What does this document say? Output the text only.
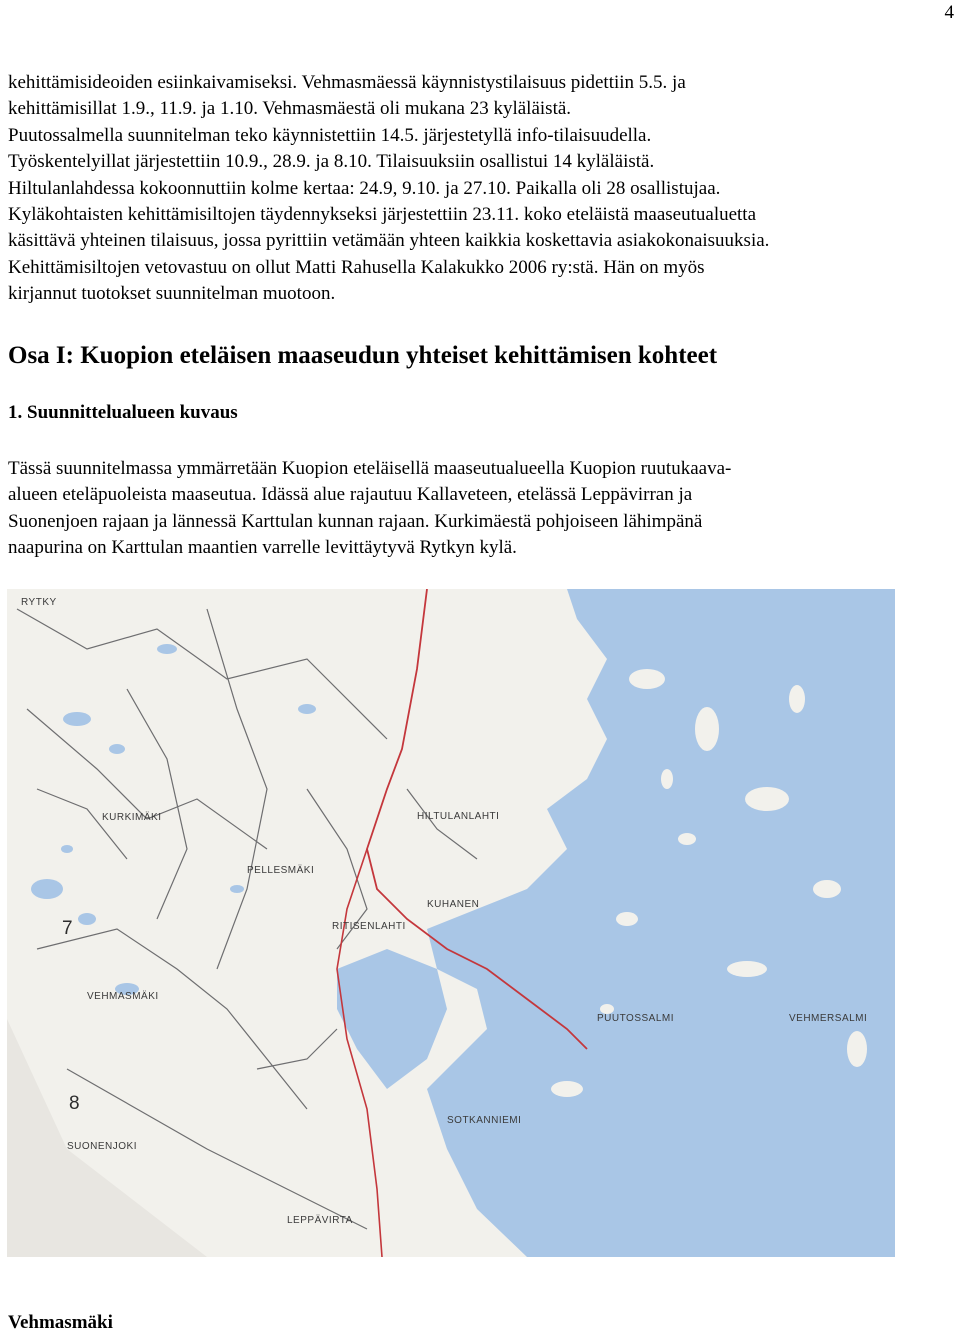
4
kehittämisideoiden esiinkaivamiseksi. Vehmasmäessä käynnistystilaisuus pidettiin 5.5. ja
kehittämisillat 1.9., 11.9. ja 1.10. Vehmasmäestä oli mukana 23 kyläläistä.
Puutossalmella suunnitelman teko käynnistettiin 14.5. järjestetyllä info-tilaisuudella.
Työskentelyillat järjestettiin 10.9., 28.9. ja 8.10. Tilaisuuksiin osallistui 14 kyläläistä.
Hiltulanlahdessa kokoonnuttiin kolme kertaa: 24.9, 9.10. ja 27.10. Paikalla oli 28 osallistujaa.
Kyläkohtaisten kehittämisiltojen täydennykseksi järjestettiin 23.11. koko eteläistä maaseutualuetta
käsittävä yhteinen tilaisuus, jossa pyrittiin vetämään yhteen kaikkia koskettavia asiakokonaisuuksia.
Kehittämisiltojen vetovastuu on ollut Matti Rahusella Kalakukko 2006 ry:stä. Hän on myös
kirjannut tuotokset suunnitelman muotoon.
Osa I: Kuopion eteläisen maaseudun yhteiset kehittämisen kohteet
1. Suunnittelualueen kuvaus
Tässä suunnitelmassa ymmärretään Kuopion eteläisellä maaseutualueella Kuopion ruutukaava-
alueen eteläpuoleista maaseutua. Idässä alue rajautuu Kallaveteen, etelässä Leppävirran ja
Suonenjoen rajaan ja lännessä Karttulan kunnan rajaan. Kurkimäestä pohjoiseen lähimpänä
naapurina on Karttulan maantien varrelle levittäytyvä Rytkyn kylä.
RYTKY
KURKIMÄKI	HILTULANLAHTI
PELLESMÄKI
KUHANEN
RITISENLAHTI
VEHMASMÄKI
PUUTOSSALMI	VEHMERSALMI
SOTKANNIEMI
SUONENJOKI
LEPPÄVIRTA
7
8
Vehmasmäki
